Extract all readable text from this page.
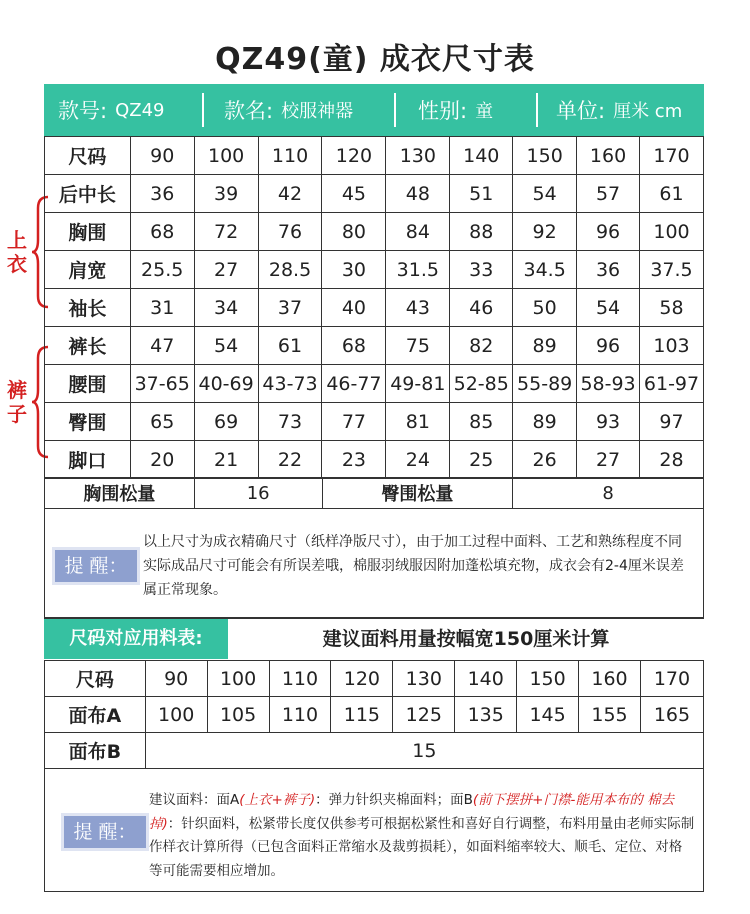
QZ49(童) 成衣尺寸表
款号: QZ49	款名: 校服神器	性别: 童	单位: 厘米 cm
上
衣
裤
子
尺码	90	100	110	120	130	140	150	160	170
后中长	36	39	42	45	48	51	54	57	61
胸围	68	72	76	80	84	88	92	96	100
肩宽	25.5	27	28.5	30	31.5	33	34.5	36	37.5
袖长	31	34	37	40	43	46	50	54	58
裤长	47	54	61	68	75	82	89	96	103
腰围	37-65	40-69	43-73	46-77	49-81	52-85	55-89	58-93	61-97
臀围	65	69	73	77	81	85	89	93	97
脚口	20	21	22	23	24	25	26	27	28
胸围松量	16	臀围松量	8
提 醒：
以上尺寸为成衣精确尺寸（纸样净版尺寸），由于加工过程中面料、工艺和熟练程度不同实际成品尺寸可能会有所误差哦，棉服羽绒服因附加蓬松填充物，成衣会有2-4厘米误差属正常现象。
尺码对应用料表:	建议面料用量按幅宽150厘米计算
尺码	90	100	110	120	130	140	150	160	170
面布A	100	105	110	115	125	135	145	155	165
面布B	15								
提 醒：
建议面料：面A(上衣+裤子)：弹力针织夹棉面料；面B(前下摆拼+门襟-能用本布的 棉去掉)：针织面料，松紧带长度仅供参考可根据松紧性和喜好自行调整，布料用量由老师实际制作样衣计算所得（已包含面料正常缩水及裁剪损耗），如面料缩率较大、顺毛、定位、对格等可能需要相应增加。
